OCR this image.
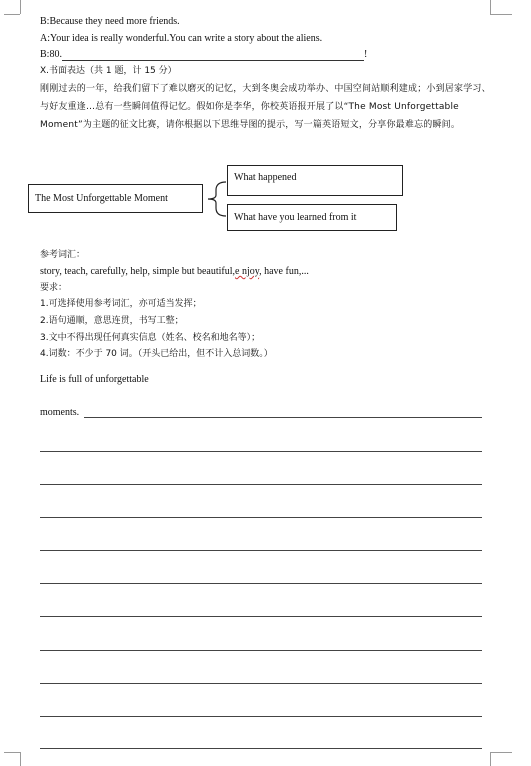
B:Because they need more friends.
A:Your idea is really wonderful.You can write a story about the aliens.
B:80.	!
X.书面表达（共 1 题，计 15 分）
刚刚过去的一年，给我们留下了难以磨灭的记忆，大到冬奥会成功举办、中国空间站顺利建成；小到居家学习、与好友重逢…总有一些瞬间值得记忆。假如你是李华，你校英语报开展了以“The Most Unforgettable Moment”为主题的征文比赛，请你根据以下思维导图的提示，写一篇英语短文，分享你最难忘的瞬间。
The Most Unforgettable Moment
What happened
What have you learned from it
参考词汇：
story, teach, carefully, help, simple but beautiful,e njoy, have fun,...
要求：
1.可选择使用参考词汇，亦可适当发挥；
2.语句通顺，意思连贯，书写工整；
3.文中不得出现任何真实信息（姓名、校名和地名等）；
4.词数：不少于 70 词。（开头已给出，但不计入总词数。）
Life is full of unforgettable
moments.
